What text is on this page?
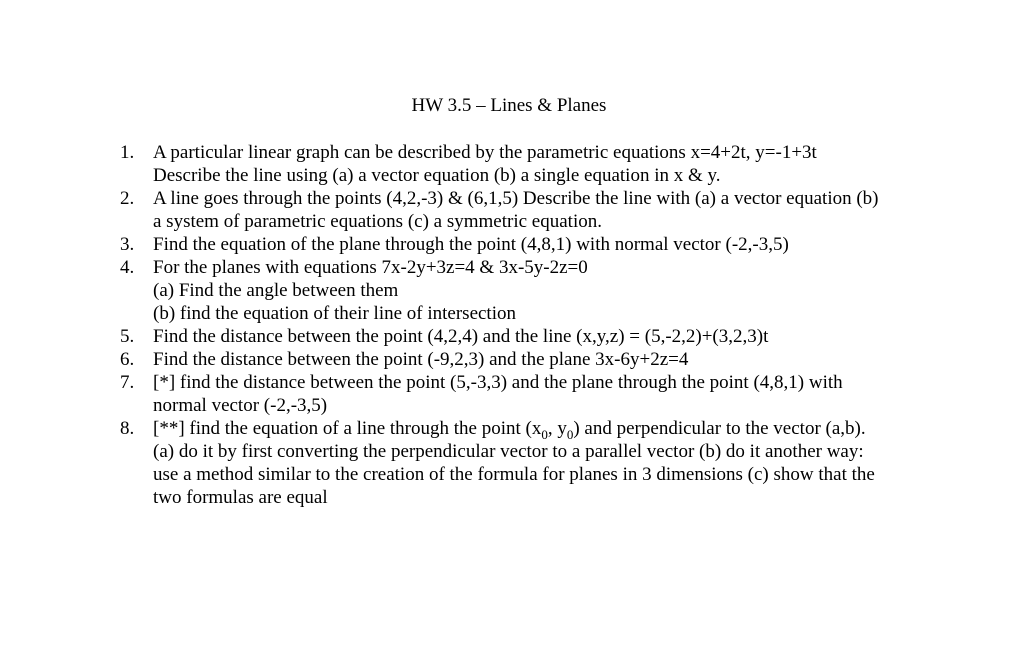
HW 3.5 – Lines & Planes
1. A particular linear graph can be described by the parametric equations x=4+2t, y=-1+3t
Describe the line using (a) a vector equation (b) a single equation in x & y.
2. A line goes through the points (4,2,-3) & (6,1,5) Describe the line with (a) a vector equation (b)
a system of parametric equations (c) a symmetric equation.
3. Find the equation of the plane through the point (4,8,1) with normal vector (-2,-3,5)
4. For the planes with equations 7x-2y+3z=4 & 3x-5y-2z=0
(a) Find the angle between them
(b) find the equation of their line of intersection
5. Find the distance between the point (4,2,4) and the line (x,y,z) = (5,-2,2)+(3,2,3)t
6. Find the distance between the point (-9,2,3) and the plane 3x-6y+2z=4
7. [*] find the distance between the point (5,-3,3) and the plane through the point (4,8,1) with
normal vector (-2,-3,5)
8. [**] find the equation of a line through the point ($x_0$, $y_0$) and perpendicular to the vector (a,b).
(a) do it by first converting the perpendicular vector to a parallel vector (b) do it another way:
use a method similar to the creation of the formula for planes in 3 dimensions (c) show that the
two formulas are equal
